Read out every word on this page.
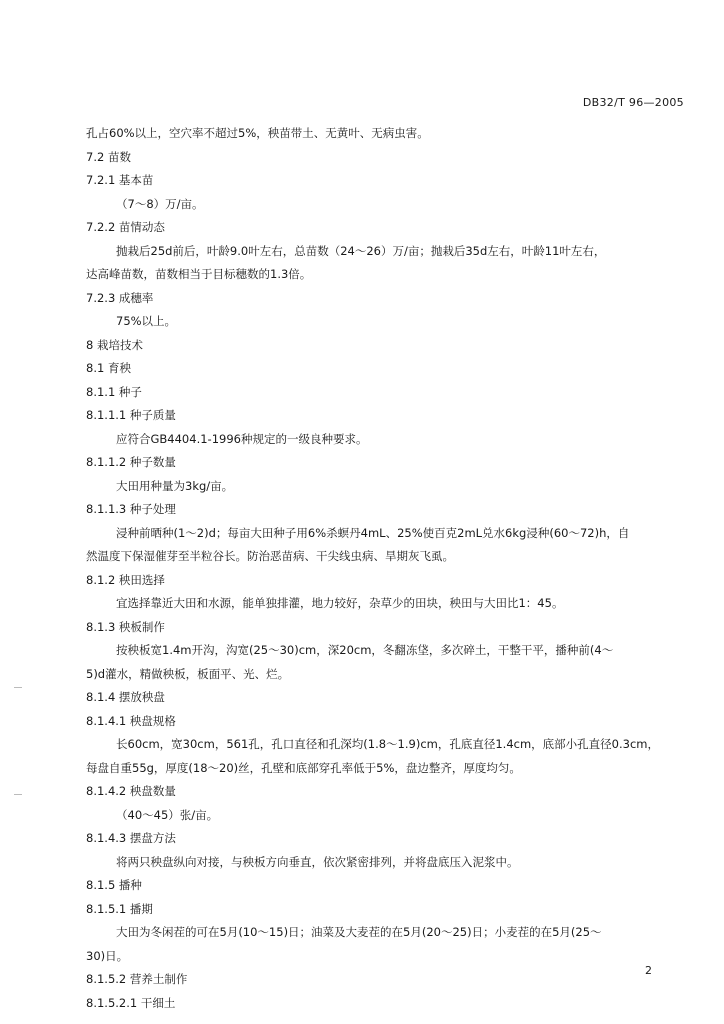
DB32/T 96—2005
孔占60%以上，空穴率不超过5%，秧苗带土、无黄叶、无病虫害。
7.2 苗数
7.2.1 基本苗
（7～8）万/亩。
7.2.2 苗情动态
抛栽后25d前后，叶龄9.0叶左右，总苗数（24～26）万/亩；抛栽后35d左右，叶龄11叶左右，
达高峰苗数，苗数相当于目标穗数的1.3倍。
7.2.3 成穗率
75%以上。
8 栽培技术
8.1 育秧
8.1.1 种子
8.1.1.1 种子质量
应符合GB4404.1-1996种规定的一级良种要求。
8.1.1.2 种子数量
大田用种量为3kg/亩。
8.1.1.3 种子处理
浸种前晒种(1～2)d；每亩大田种子用6%杀螟丹4mL、25%使百克2mL兑水6kg浸种(60～72)h，自
然温度下保湿催芽至半粒谷长。防治恶苗病、干尖线虫病、旱期灰飞虱。
8.1.2 秧田选择
宜选择靠近大田和水源，能单独排灌，地力较好，杂草少的田块，秧田与大田比1：45。
8.1.3 秧板制作
按秧板宽1.4m开沟，沟宽(25～30)cm，深20cm，冬翻冻垡，多次碎土，干整干平，播种前(4～
5)d灌水，精做秧板，板面平、光、烂。
8.1.4 摆放秧盘
8.1.4.1 秧盘规格
长60cm，宽30cm，561孔，孔口直径和孔深均(1.8～1.9)cm，孔底直径1.4cm，底部小孔直径0.3cm，
每盘自重55g，厚度(18～20)丝，孔壁和底部穿孔率低于5%，盘边整齐，厚度均匀。
8.1.4.2 秧盘数量
（40～45）张/亩。
8.1.4.3 摆盘方法
将两只秧盘纵向对接，与秧板方向垂直，依次紧密排列，并将盘底压入泥浆中。
8.1.5 播种
8.1.5.1 播期
大田为冬闲茬的可在5月(10～15)日；油菜及大麦茬的在5月(20～25)日；小麦茬的在5月(25～
30)日。
8.1.5.2 营养土制作
8.1.5.2.1 干细土
2
